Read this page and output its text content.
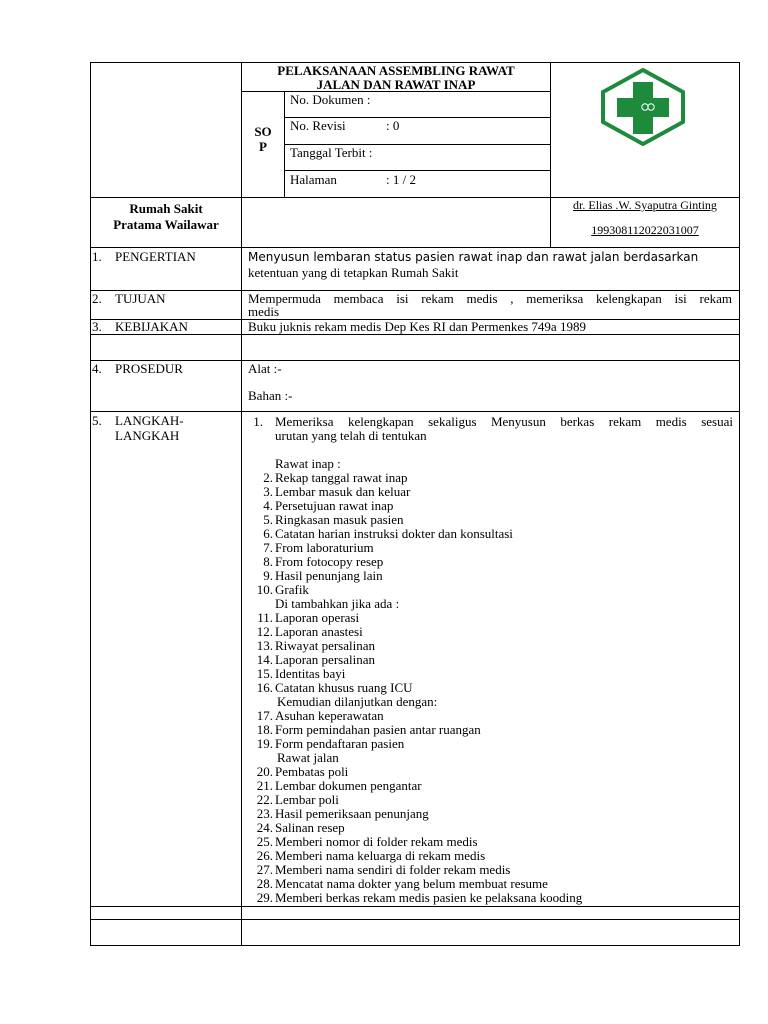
PELAKSANAAN ASSEMBLING RAWAT
JALAN DAN RAWAT INAP
SO
P
No. Dokumen :
No. Revisi	: 0
Tanggal Terbit :
Halaman	: 1 / 2
Rumah Sakit
Pratama Wailawar
dr. Elias .W. Syaputra Ginting
199308112022031007
1. PENGERTIAN	Menyusun lembaran status pasien rawat inap dan rawat jalan berdasarkan
ketentuan yang di tetapkan Rumah Sakit
2. TUJUAN	Mempermuda membaca isi rekam medis , memeriksa kelengkapan isi rekam
medis
3. KEBIJAKAN	Buku juknis rekam medis Dep Kes RI dan Permenkes 749a 1989
4. PROSEDUR	Alat :-
Bahan :-
5. LANGKAH-
LANGKAH
1. Memeriksa kelengkapan sekaligus Menyusun berkas rekam medis sesuai
urutan yang telah di tentukan
Rawat inap :
2. Rekap tanggal rawat inap
3. Lembar masuk dan keluar
4. Persetujuan rawat inap
5. Ringkasan masuk pasien
6. Catatan harian instruksi dokter dan konsultasi
7. From laboraturium
8. From fotocopy resep
9. Hasil penunjang lain
10. Grafik
Di tambahkan jika ada :
11. Laporan operasi
12. Laporan anastesi
13. Riwayat persalinan
14. Laporan persalinan
15. Identitas bayi
16. Catatan khusus ruang ICU
Kemudian dilanjutkan dengan:
17. Asuhan keperawatan
18. Form pemindahan pasien antar ruangan
19. Form pendaftaran pasien
Rawat jalan
20. Pembatas poli
21. Lembar dokumen pengantar
22. Lembar poli
23. Hasil pemeriksaan penunjang
24. Salinan resep
25. Memberi nomor di folder rekam medis
26. Memberi nama keluarga di rekam medis
27. Memberi nama sendiri di folder rekam medis
28. Mencatat nama dokter yang belum membuat resume
29. Memberi berkas rekam medis pasien ke pelaksana kooding
